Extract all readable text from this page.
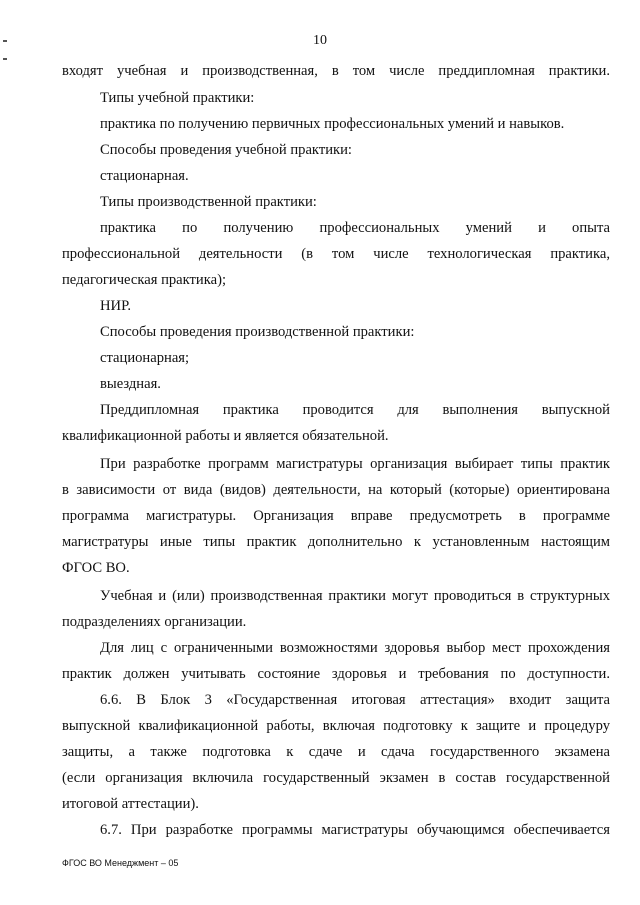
10
входят учебная и производственная, в том числе преддипломная практики.
Типы учебной практики:
практика по получению первичных профессиональных умений и навыков.
Способы проведения учебной практики:
стационарная.
Типы производственной практики:
практика по получению профессиональных умений и опыта
профессиональной деятельности (в том числе технологическая практика,
педагогическая практика);
НИР.
Способы проведения производственной практики:
стационарная;
выездная.
Преддипломная практика проводится для выполнения выпускной
квалификационной работы и является обязательной.
При разработке программ магистратуры организация выбирает типы практик
в зависимости от вида (видов) деятельности, на который (которые) ориентирована
программа магистратуры. Организация вправе предусмотреть в программе
магистратуры иные типы практик дополнительно к установленным настоящим
ФГОС ВО.
Учебная и (или) производственная практики могут проводиться в структурных
подразделениях организации.
Для лиц с ограниченными возможностями здоровья выбор мест прохождения
практик должен учитывать состояние здоровья и требования по доступности.
6.6. В Блок 3 «Государственная итоговая аттестация» входит защита
выпускной квалификационной работы, включая подготовку к защите и процедуру
защиты, а также подготовка к сдаче и сдача государственного экзамена
(если организация включила государственный экзамен в состав государственной
итоговой аттестации).
6.7. При разработке программы магистратуры обучающимся обеспечивается
ФГОС ВО Менеджмент – 05
